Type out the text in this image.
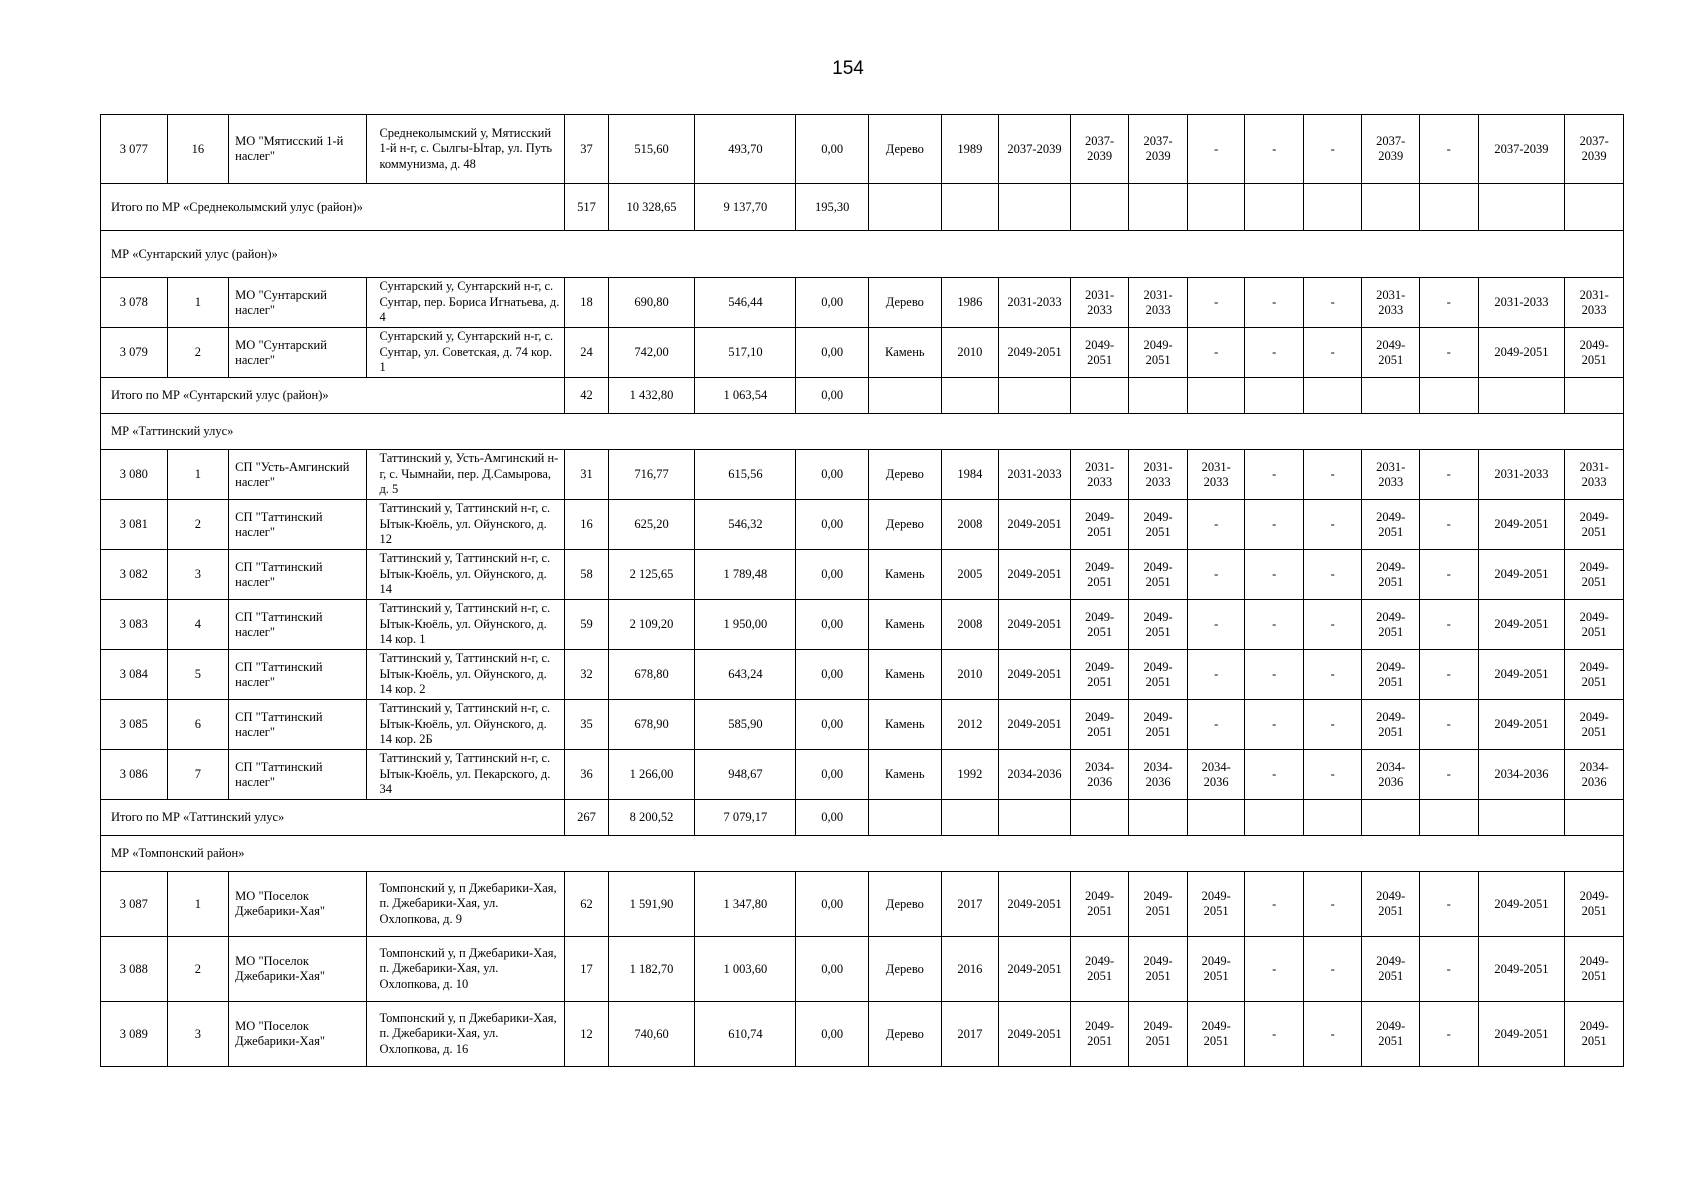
154
3 077	16	МО "Мятисский 1-й наслег"	Среднеколымский у, Мятисский 1-й н-г, с. Сылгы-Ытар, ул. Путь коммунизма, д. 48	37	515,60	493,70	0,00	Дерево	1989	2037-2039	2037-2039	2037-2039	-	-	-	2037-2039	-	2037-2039	2037-2039
Итого по МР «Среднеколымский улус (район)»				517	10 328,65	9 137,70	195,30												
МР «Сунтарский улус (район)»																			
3 078	1	МО "Сунтарский наслег"	Сунтарский у, Сунтарский н-г, с. Сунтар, пер. Бориса Игнатьева, д. 4	18	690,80	546,44	0,00	Дерево	1986	2031-2033	2031-2033	2031-2033	-	-	-	2031-2033	-	2031-2033	2031-2033
3 079	2	МО "Сунтарский наслег"	Сунтарский у, Сунтарский н-г, с. Сунтар, ул. Советская, д. 74 кор. 1	24	742,00	517,10	0,00	Камень	2010	2049-2051	2049-2051	2049-2051	-	-	-	2049-2051	-	2049-2051	2049-2051
Итого по МР «Сунтарский улус (район)»				42	1 432,80	1 063,54	0,00												
МР «Таттинский улус»																			
3 080	1	СП "Усть-Амгинский наслег"	Таттинский у, Усть-Амгинский н-г, с. Чымнайи, пер. Д.Самырова, д. 5	31	716,77	615,56	0,00	Дерево	1984	2031-2033	2031-2033	2031-2033	2031-2033	-	-	2031-2033	-	2031-2033	2031-2033
3 081	2	СП "Таттинский наслег"	Таттинский у, Таттинский н-г, с. Ытык-Кюёль, ул. Ойунского, д. 12	16	625,20	546,32	0,00	Дерево	2008	2049-2051	2049-2051	2049-2051	-	-	-	2049-2051	-	2049-2051	2049-2051
3 082	3	СП "Таттинский наслег"	Таттинский у, Таттинский н-г, с. Ытык-Кюёль, ул. Ойунского, д. 14	58	2 125,65	1 789,48	0,00	Камень	2005	2049-2051	2049-2051	2049-2051	-	-	-	2049-2051	-	2049-2051	2049-2051
3 083	4	СП "Таттинский наслег"	Таттинский у, Таттинский н-г, с. Ытык-Кюёль, ул. Ойунского, д. 14 кор. 1	59	2 109,20	1 950,00	0,00	Камень	2008	2049-2051	2049-2051	2049-2051	-	-	-	2049-2051	-	2049-2051	2049-2051
3 084	5	СП "Таттинский наслег"	Таттинский у, Таттинский н-г, с. Ытык-Кюёль, ул. Ойунского, д. 14 кор. 2	32	678,80	643,24	0,00	Камень	2010	2049-2051	2049-2051	2049-2051	-	-	-	2049-2051	-	2049-2051	2049-2051
3 085	6	СП "Таттинский наслег"	Таттинский у, Таттинский н-г, с. Ытык-Кюёль, ул. Ойунского, д. 14 кор. 2Б	35	678,90	585,90	0,00	Камень	2012	2049-2051	2049-2051	2049-2051	-	-	-	2049-2051	-	2049-2051	2049-2051
3 086	7	СП "Таттинский наслег"	Таттинский у, Таттинский н-г, с. Ытык-Кюёль, ул. Пекарского, д. 34	36	1 266,00	948,67	0,00	Камень	1992	2034-2036	2034-2036	2034-2036	2034-2036	-	-	2034-2036	-	2034-2036	2034-2036
Итого по МР «Таттинский улус»				267	8 200,52	7 079,17	0,00												
МР «Томпонский район»																			
3 087	1	МО "Поселок Джебарики-Хая"	Томпонский у, п Джебарики-Хая, п. Джебарики-Хая, ул. Охлопкова, д. 9	62	1 591,90	1 347,80	0,00	Дерево	2017	2049-2051	2049-2051	2049-2051	2049-2051	-	-	2049-2051	-	2049-2051	2049-2051
3 088	2	МО "Поселок Джебарики-Хая"	Томпонский у, п Джебарики-Хая, п. Джебарики-Хая, ул. Охлопкова, д. 10	17	1 182,70	1 003,60	0,00	Дерево	2016	2049-2051	2049-2051	2049-2051	2049-2051	-	-	2049-2051	-	2049-2051	2049-2051
3 089	3	МО "Поселок Джебарики-Хая"	Томпонский у, п Джебарики-Хая, п. Джебарики-Хая, ул. Охлопкова, д. 16	12	740,60	610,74	0,00	Дерево	2017	2049-2051	2049-2051	2049-2051	2049-2051	-	-	2049-2051	-	2049-2051	2049-2051
